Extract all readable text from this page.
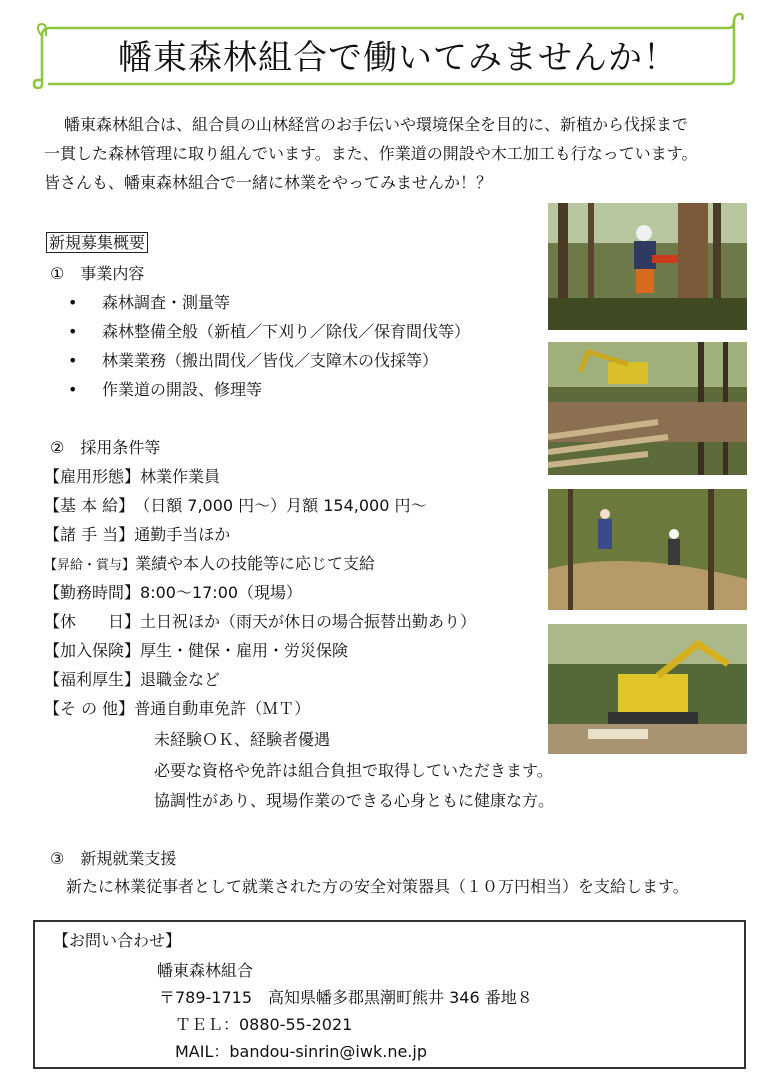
幡東森林組合で働いてみませんか！

幡東森林組合は、組合員の山林経営のお手伝いや環境保全を目的に、新植から伐採まで

一貫した森林管理に取り組んでいます。また、作業道の開設や木工加工も行なっています。

皆さんも、幡東森林組合で一緒に林業をやってみませんか！？

新規募集概要
①　事業内容
• 森林調査・測量等
• 森林整備全般（新植／下刈り／除伐／保育間伐等）
• 林業業務（搬出間伐／皆伐／支障木の伐採等）
• 作業道の開設、修理等
②　採用条件等
【雇用形態】林業作業員
【基 本 給】（日額 7,000 円～）月額 154,000 円～
【諸 手 当】通勤手当ほか
【昇給・賞与】業績や本人の技能等に応じて支給
【勤務時間】8:00～17:00（現場）
【休　　日】土日祝ほか（雨天が休日の場合振替出勤あり）
【加入保険】厚生・健保・雇用・労災保険
【福利厚生】退職金など
【そ の 他】普通自動車免許（ＭＴ）
未経験ＯＫ、経験者優遇
必要な資格や免許は組合負担で取得していただきます。
協調性があり、現場作業のできる心身ともに健康な方。
③　新規就業支援
新たに林業従事者として就業された方の安全対策器具（１０万円相当）を支給します。
【お問い合わせ】
幡東森林組合
〒789-1715　高知県幡多郡黒潮町熊井 346 番地８
ＴＥＬ：0880-55-2021
MAIL：bandou-sinrin@iwk.ne.jp
